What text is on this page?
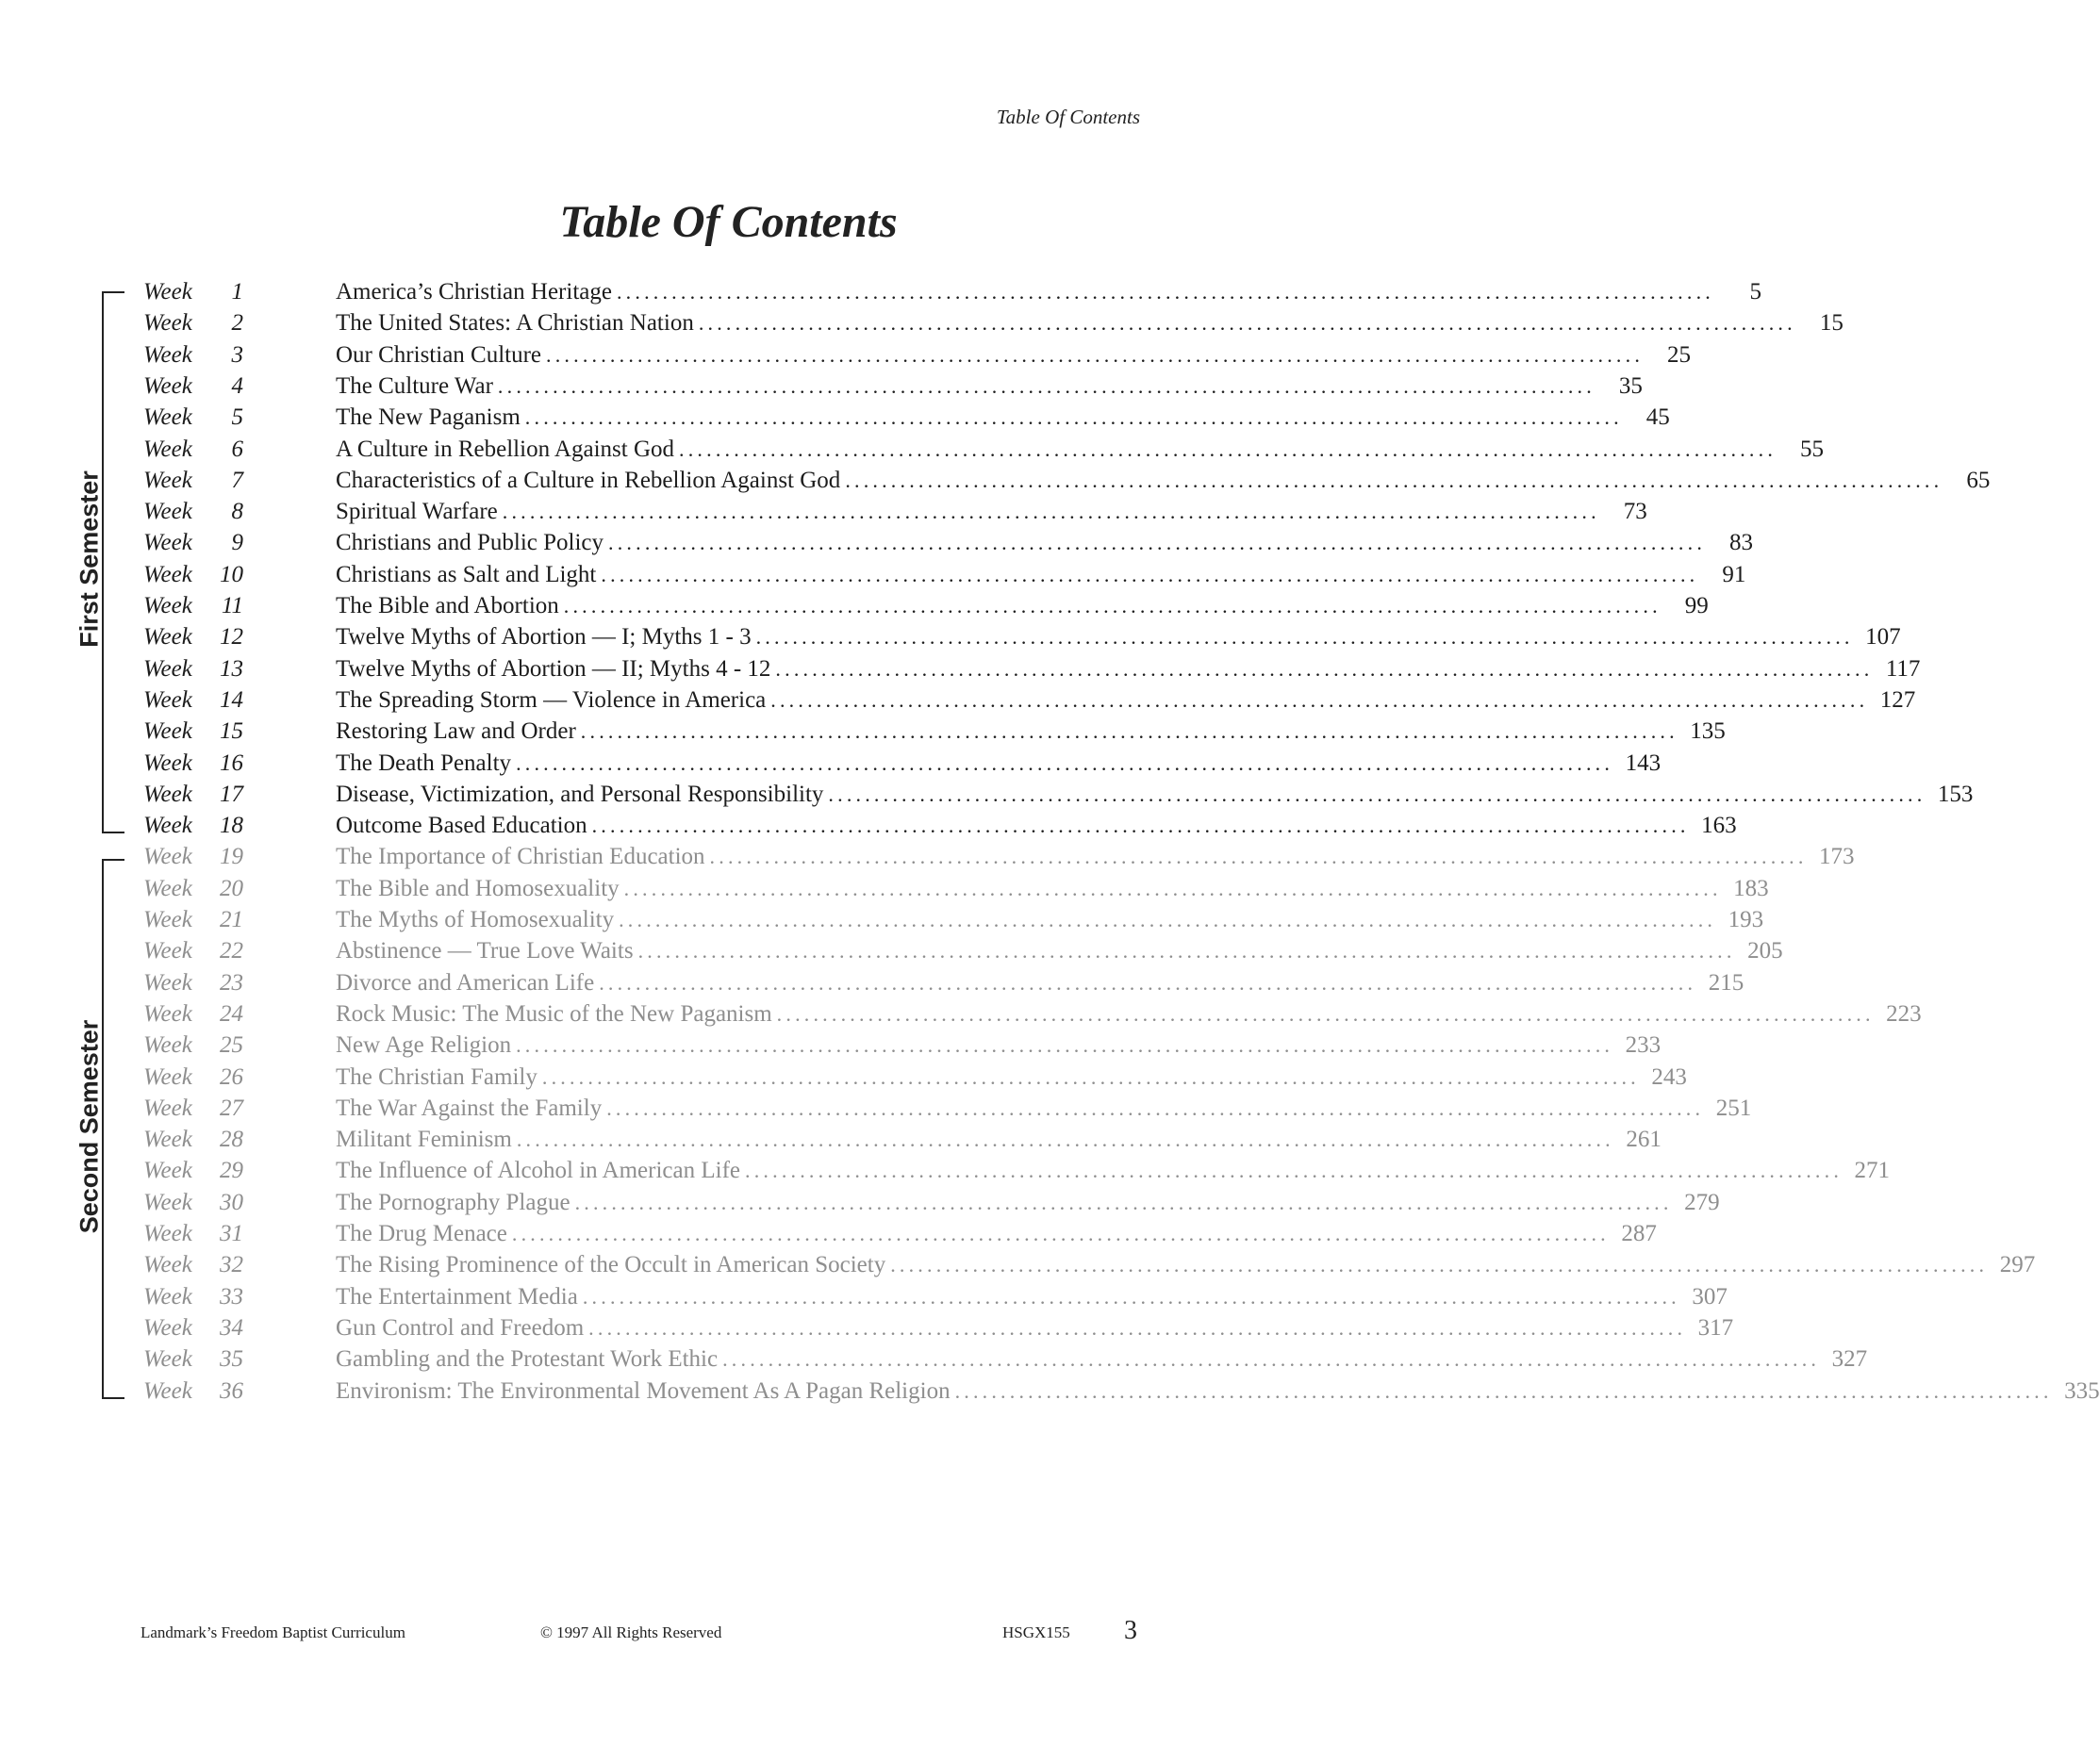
Table Of Contents
Table Of Contents
First Semester
Second Semester
Week	1	America’s Christian Heritage ........................................................................................................................	5
Week	2	The United States: A Christian Nation ........................................................................................................................	15
Week	3	Our Christian Culture ........................................................................................................................	25
Week	4	The Culture War ........................................................................................................................	35
Week	5	The New Paganism ........................................................................................................................	45
Week	6	A Culture in Rebellion Against God ........................................................................................................................	55
Week	7	Characteristics of a Culture in Rebellion Against God ........................................................................................................................	65
Week	8	Spiritual Warfare ........................................................................................................................	73
Week	9	Christians and Public Policy ........................................................................................................................	83
Week	10	Christians as Salt and Light ........................................................................................................................	91
Week	11	The Bible and Abortion ........................................................................................................................	99
Week	12	Twelve Myths of Abortion — I; Myths 1 - 3 ........................................................................................................................ 107
Week	13	Twelve Myths of Abortion — II; Myths 4 - 12 ........................................................................................................................ 117
Week	14	The Spreading Storm — Violence in America ........................................................................................................................ 127
Week	15	Restoring Law and Order ........................................................................................................................ 135
Week	16	The Death Penalty ........................................................................................................................ 143
Week	17	Disease, Victimization, and Personal Responsibility ........................................................................................................................ 153
Week	18	Outcome Based Education ........................................................................................................................ 163
Week	19	The Importance of Christian Education ........................................................................................................................ 173
Week	20	The Bible and Homosexuality ........................................................................................................................ 183
Week	21	The Myths of Homosexuality ........................................................................................................................ 193
Week	22	Abstinence — True Love Waits ........................................................................................................................ 205
Week	23	Divorce and American Life ........................................................................................................................ 215
Week	24	Rock Music: The Music of the New Paganism ........................................................................................................................ 223
Week	25	New Age Religion ........................................................................................................................ 233
Week	26	The Christian Family ........................................................................................................................ 243
Week	27	The War Against the Family ........................................................................................................................ 251
Week	28	Militant Feminism ........................................................................................................................ 261
Week	29	The Influence of Alcohol in American Life ........................................................................................................................ 271
Week	30	The Pornography Plague ........................................................................................................................ 279
Week	31	The Drug Menace ........................................................................................................................ 287
Week	32	The Rising Prominence of the Occult in American Society ........................................................................................................................ 297
Week	33	The Entertainment Media ........................................................................................................................ 307
Week	34	Gun Control and Freedom ........................................................................................................................ 317
Week	35	Gambling and the Protestant Work Ethic ........................................................................................................................ 327
Week	36	Environism: The Environmental Movement As A Pagan Religion ........................................................................................................................ 335
Landmark’s Freedom Baptist Curriculum	© 1997 All Rights Reserved	HSGX155 3
